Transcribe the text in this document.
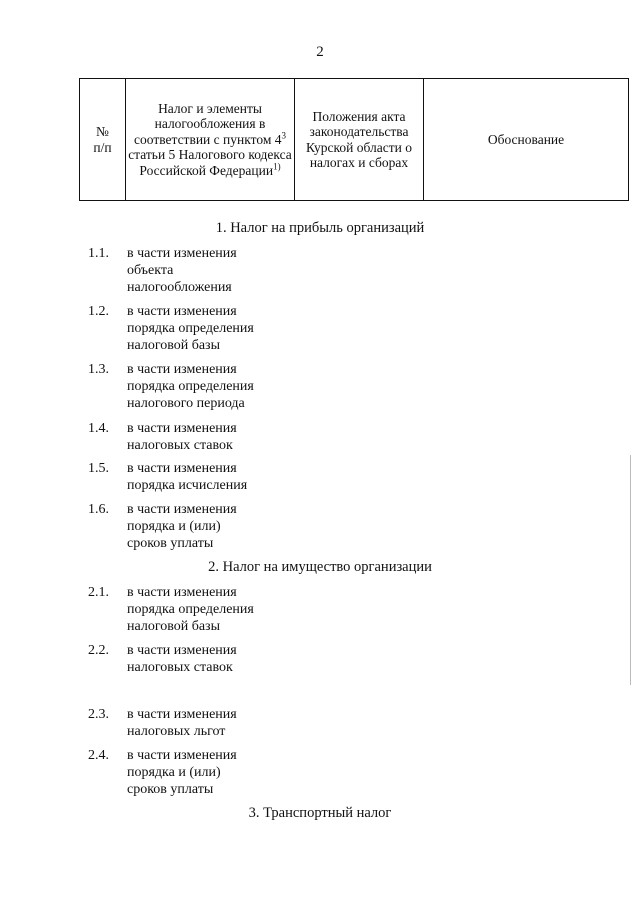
2
№
п/п	Налог и элементы налогообложения в соответствии с пунктом $4^3$ статьи 5 Налогового кодекса Российской Федерации$^{1)}$	Положения акта законодательства Курской области о налогах и сборах	Обоснование
1. Налог на прибыль организаций
1.1.	в части изменения
объекта
налогообложения
1.2.	в части изменения
порядка определения
налоговой базы
1.3.	в части изменения
порядка определения
налогового периода
1.4.	в части изменения
налоговых ставок
1.5.	в части изменения
порядка исчисления
1.6.	в части изменения
порядка и (или)
сроков уплаты
2. Налог на имущество организации
2.1.	в части изменения
порядка определения
налоговой базы
2.2.	в части изменения
налоговых ставок
2.3.	в части изменения
налоговых льгот
2.4.	в части изменения
порядка и (или)
сроков уплаты
3. Транспортный налог
